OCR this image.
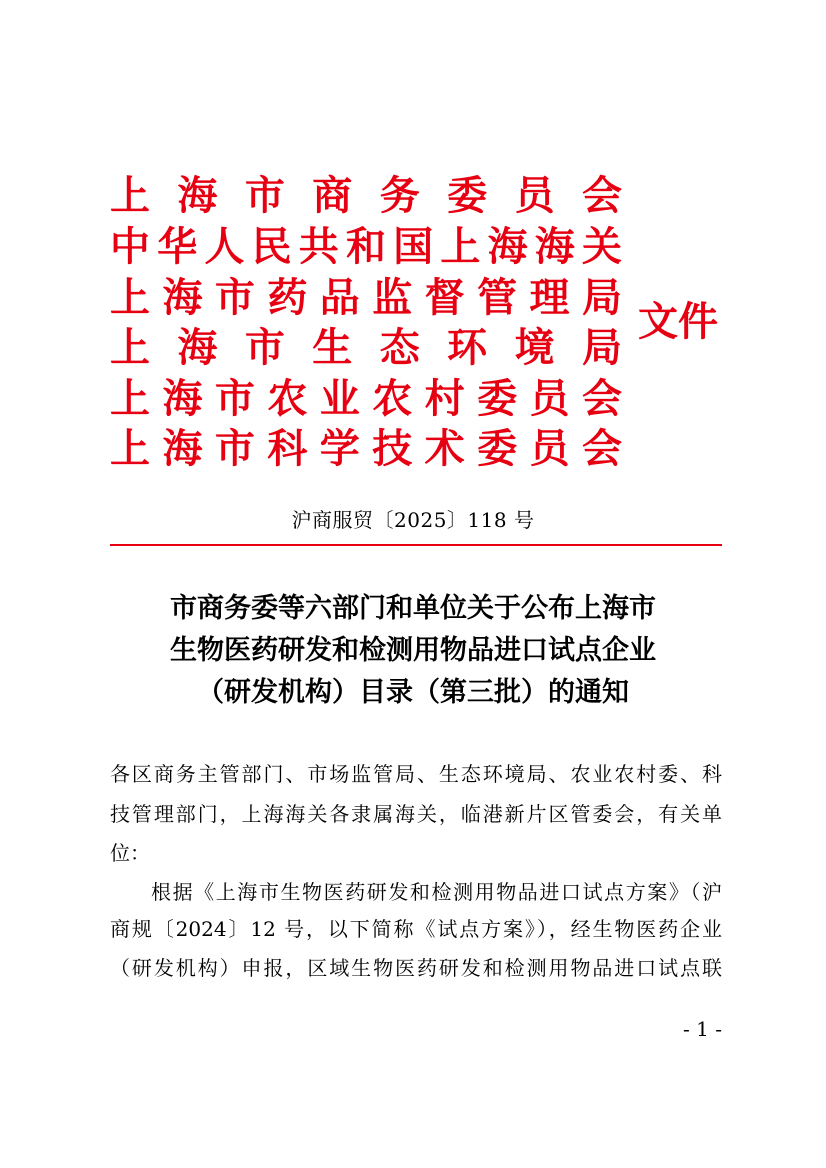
上 海 市 商 务 委 员 会
中华人民共和国上海海关
上海市药品监督管理局
上 海 市 生 态 环 境 局
上海市农业农村委员会
上海市科学技术委员会
文件
沪商服贸〔2025〕118 号
市商务委等六部门和单位关于公布上海市
生物医药研发和检测用物品进口试点企业
（研发机构）目录（第三批）的通知
各区商务主管部门、市场监管局、生态环境局、农业农村委、科
技管理部门，上海海关各隶属海关，临港新片区管委会，有关单
位：
根据《上海市生物医药研发和检测用物品进口试点方案》（沪
商规〔2024〕12 号，以下简称《试点方案》），经生物医药企业
（研发机构）申报，区域生物医药研发和检测用物品进口试点联
- 1 -
